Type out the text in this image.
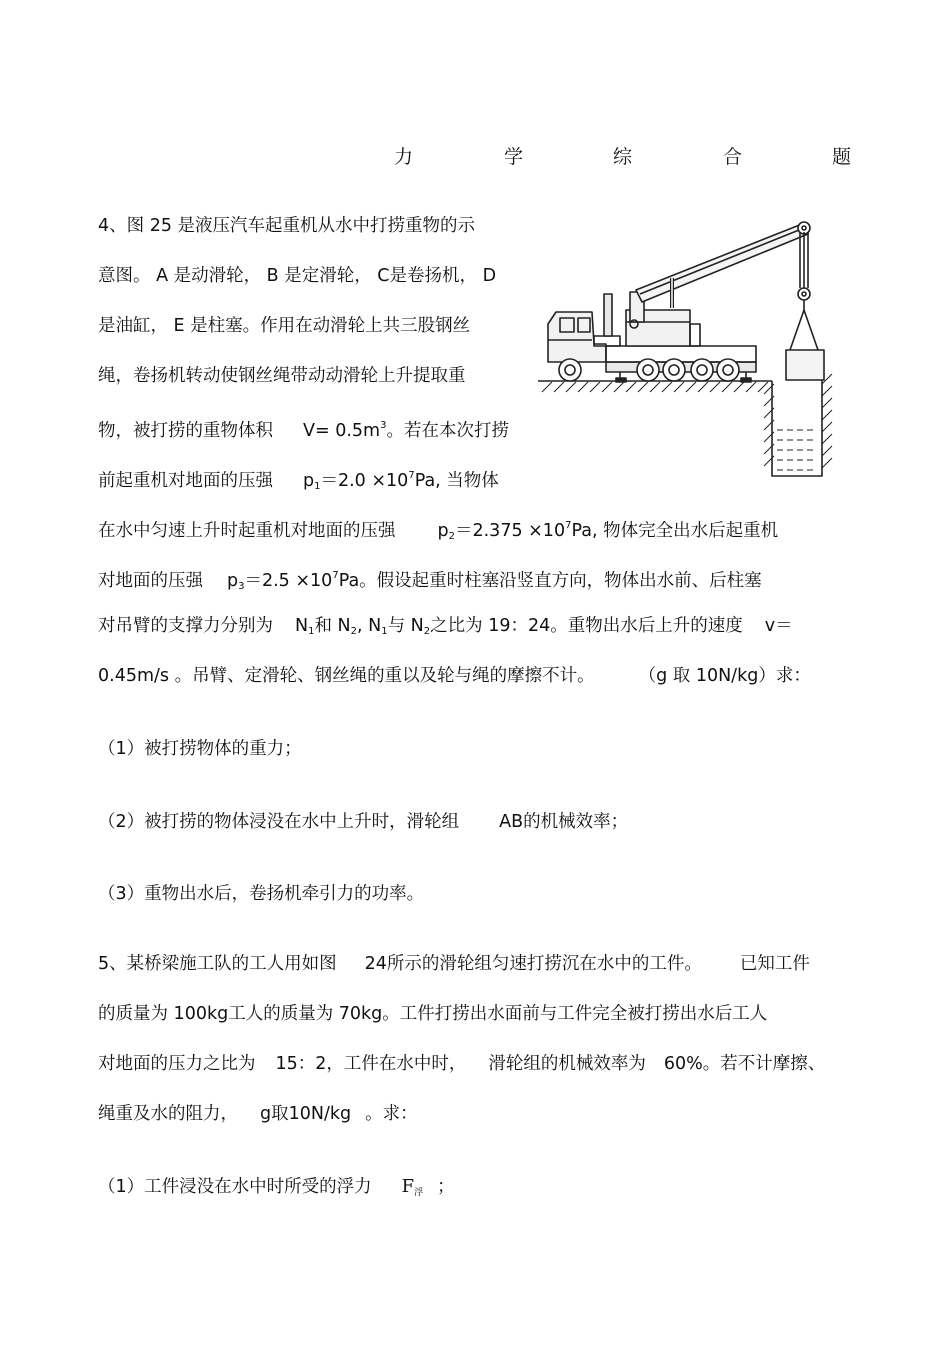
力	学	综	合	题
4、图 25 是液压汽车起重机从水中打捞重物的示
意图。 A 是动滑轮， B 是定滑轮， C是卷扬机， D
是油缸， E 是柱塞。作用在动滑轮上共三股钢丝
绳，卷扬机转动使钢丝绳带动动滑轮上升提取重
物，被打捞的重物体积 $V= 0.5m^3$。若在本次打捞
前起重机对地面的压强 $p_1=2.0 \times 10^7Pa$, 当物体
在水中匀速上升时起重机对地面的压强 $p_2=2.375 \times 10^7Pa$, 物体完全出水后起重机
对地面的压强 $p_3=2.5 \times 10^7Pa$。假设起重时柱塞沿竖直方向，物体出水前、后柱塞
对吊臂的支撑力分别为 $N_1$和 $N_2$, $N_1$与 $N_2$之比为 19：24。重物出水后上升的速度 v＝
0.45m/s 。吊臂、定滑轮、钢丝绳的重以及轮与绳的摩擦不计。	（g 取 10N/kg）求：
（1）被打捞物体的重力；
（2）被打捞的物体浸没在水中上升时，滑轮组 AB的机械效率；
（3）重物出水后，卷扬机牵引力的功率。
5、某桥梁施工队的工人用如图 24所示的滑轮组匀速打捞沉在水中的工件。 已知工件
的质量为 100kg工人的质量为 70kg。工件打捞出水面前与工件完全被打捞出水后工人
对地面的压力之比为 15：2，工件在水中时， 滑轮组的机械效率为 60%。若不计摩擦、
绳重及水的阻力， g取10N/kg 。求：
（1）工件浸没在水中时所受的浮力 $F_浮$ ；
